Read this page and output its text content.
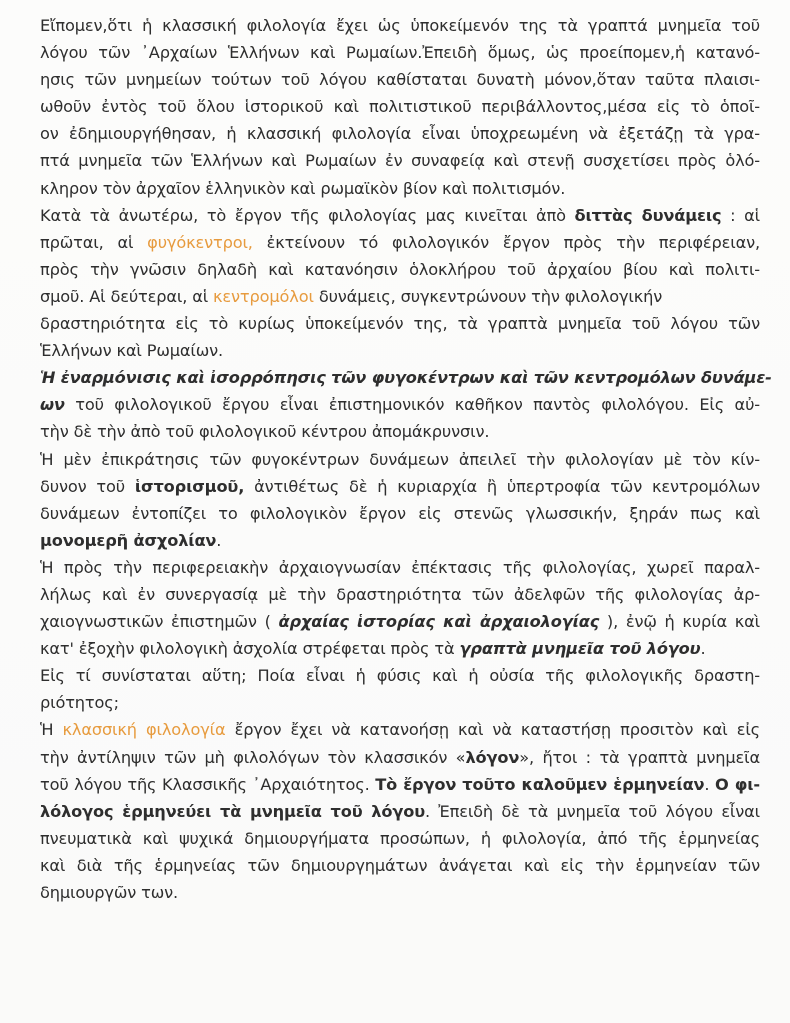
Εἴπομεν,ὅτι ἡ κλασσική φιλολογία ἔχει ὡς ὑποκείμενόν της τὰ γραπτά μνημεῖα τοῦ
λόγου τῶν ᾿Αρχαίων Ἑλλήνων καὶ Ρωμαίων.Ἐπειδὴ ὅμως, ὡς προείπομεν,ἡ κατανό-
ησις τῶν μνημείων τούτων τοῦ λόγου καθίσταται δυνατὴ μόνον,ὅταν ταῦτα πλαισι-
ωθοῦν ἐντὸς τοῦ ὅλου ἱστορικοῦ καὶ πολιτιστικοῦ περιβάλλοντος,μέσα εἰς τὸ ὁποῖ-
ον ἐδημιουργήθησαν, ἡ κλασσική φιλολογία εἶναι ὑποχρεωμένη νὰ ἐξετάζῃ τὰ γρα-
πτά μνημεῖα τῶν Ἑλλήνων καὶ Ρωμαίων ἐν συναφείᾳ καὶ στενῇ συσχετίσει πρὸς ὁλό-
κληρον τὸν ἀρχαῖον ἑλληνικὸν καὶ ρωμαϊκὸν βίον καὶ πολιτισμόν.
Κατὰ τὰ ἀνωτέρω, τὸ ἔργον τῆς φιλολογίας μας κινεῖται ἀπὸ διττὰς δυνάμεις : αἱ
πρῶται, αἱ φυγόκεντροι, ἐκτείνουν τό φιλολογικόν ἔργον πρὸς τὴν περιφέρειαν,
πρὸς τὴν γνῶσιν δηλαδὴ καὶ κατανόησιν ὁλοκλήρου τοῦ ἀρχαίου βίου καὶ πολιτι-
σμοῦ. Αἱ δεύτεραι, αἱ κεντρομόλοι δυνάμεις, συγκεντρώνουν τὴν φιλολογικήν
δραστηριότητα εἰς τὸ κυρίως ὑποκείμενόν της, τὰ γραπτὰ μνημεῖα τοῦ λόγου τῶν
Ἑλλήνων καὶ Ρωμαίων.
Ἡ ἐναρμόνισις καὶ ἰσορρόπησις τῶν φυγοκέντρων καὶ τῶν κεντρομόλων δυνάμε-
ων τοῦ φιλολογικοῦ ἔργου εἶναι ἐπιστημονικόν καθῆκον παντὸς φιλολόγου. Εἰς αὐ-
τὴν δὲ τὴν ἀπὸ τοῦ φιλολογικοῦ κέντρου ἀπομάκρυνσιν.
Ἡ μὲν ἐπικράτησις τῶν φυγοκέντρων δυνάμεων ἀπειλεῖ τὴν φιλολογίαν μὲ τὸν κίν-
δυνον τοῦ ἱστορισμοῦ, ἀντιθέτως δὲ ἡ κυριαρχία ἢ ὑπερτροφία τῶν κεντρομόλων
δυνάμεων ἐντοπίζει το φιλολογικὸν ἔργον εἰς στενῶς γλωσσικήν, ξηράν πως καὶ
μονομερῆ ἀσχολίαν.
Ἡ πρὸς τὴν περιφερειακὴν ἀρχαιογνωσίαν ἐπέκτασις τῆς φιλολογίας, χωρεῖ παραλ-
λήλως καὶ ἐν συνεργασίᾳ μὲ τὴν δραστηριότητα τῶν ἀδελφῶν τῆς φιλολογίας ἀρ-
χαιογνωστικῶν ἐπιστημῶν ( ἀρχαίας ἱστορίας καὶ ἀρχαιολογίας ), ἐνῷ ἡ κυρία καὶ
κατ' ἐξοχὴν φιλολογικὴ ἀσχολία στρέφεται πρὸς τὰ γραπτὰ μνημεῖα τοῦ λόγου.
Εἰς τί συνίσταται αὕτη; Ποία εἶναι ἡ φύσις καὶ ἡ οὐσία τῆς φιλολογικῆς δραστη-
ριότητος;
Ἡ κλασσική φιλολογία ἔργον ἔχει νὰ κατανοήσῃ καὶ νὰ καταστήσῃ προσιτὸν καὶ εἰς
τὴν ἀντίληψιν τῶν μὴ φιλολόγων τὸν κλασσικόν «λόγον», ἤτοι : τὰ γραπτὰ μνημεῖα
τοῦ λόγου τῆς Κλασσικῆς ᾿Αρχαιότητος. Τὸ ἔργον τοῦτο καλοῦμεν ἑρμηνείαν. Ο φι-
λόλογος ἑρμηνεύει τὰ μνημεῖα τοῦ λόγου. Ἐπειδὴ δὲ τὰ μνημεῖα τοῦ λόγου εἶναι
πνευματικὰ καὶ ψυχικά δημιουργήματα προσώπων, ἡ φιλολογία, ἀπό τῆς ἑρμηνείας
καὶ διὰ τῆς ἑρμηνείας τῶν δημιουργημάτων ἀνάγεται καὶ εἰς τὴν ἑρμηνείαν τῶν
δημιουργῶν των.
